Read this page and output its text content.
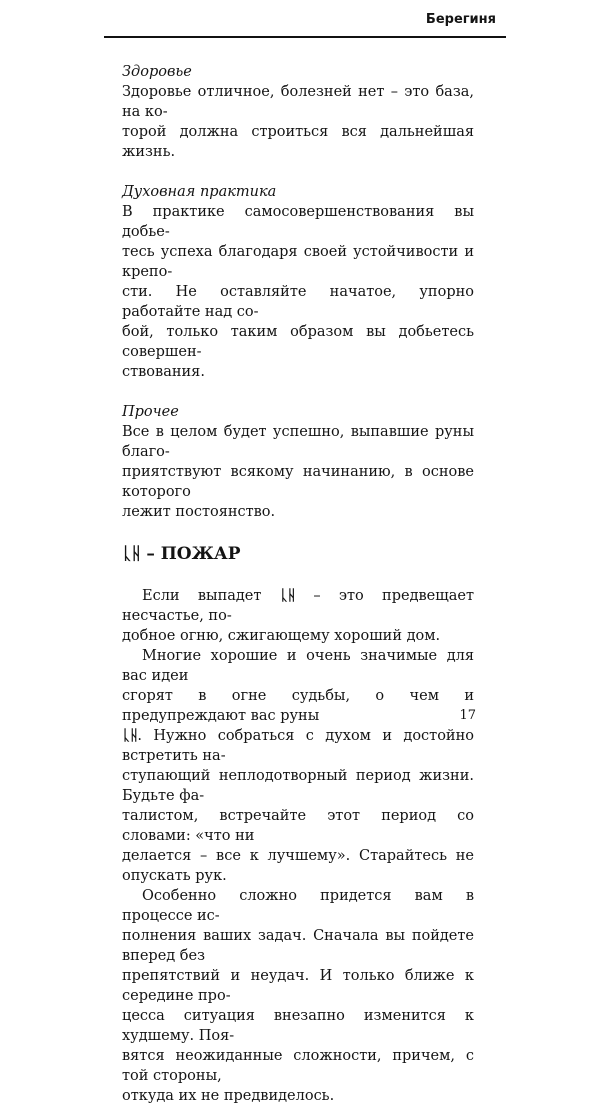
Берегиня

Здоровье

Здоровье отличное, болезней нет – это база, на ко-
торой должна строиться вся дальнейшая жизнь.

Духовная практика

В практике самосовершенствования вы добье-
тесь успеха благодаря своей устойчивости и крепо-
сти. Не оставляйте начатое, упорно работайте над со-
бой, только таким образом вы добьетесь совершен-
ствования.

Прочее

Все в целом будет успешно, выпавшие руны благо-
приятствуют всякому начинанию, в основе которого
лежит постоянство.
ᚳᚺ – ПОЖАР
Если выпадет ᚳᚺ – это предвещает несчастье, по-
добное огню, сжигающему хороший дом.
Многие хорошие и очень значимые для вас идеи
сгорят в огне судьбы, о чем и предупреждают вас руны
ᚳᚺ. Нужно собраться с духом и достойно встретить на-
ступающий неплодотворный период жизни. Будьте фа-
талистом, встречайте этот период со словами: «что ни
делается – все к лучшему». Старайтесь не опускать рук.
Особенно сложно придется вам в процессе ис-
полнения ваших задач. Сначала вы пойдете вперед без
препятствий и неудач. И только ближе к середине про-
цесса ситуация внезапно изменится к худшему. Поя-
вятся неожиданные сложности, причем, с той стороны,
откуда их не предвиделось.
17
